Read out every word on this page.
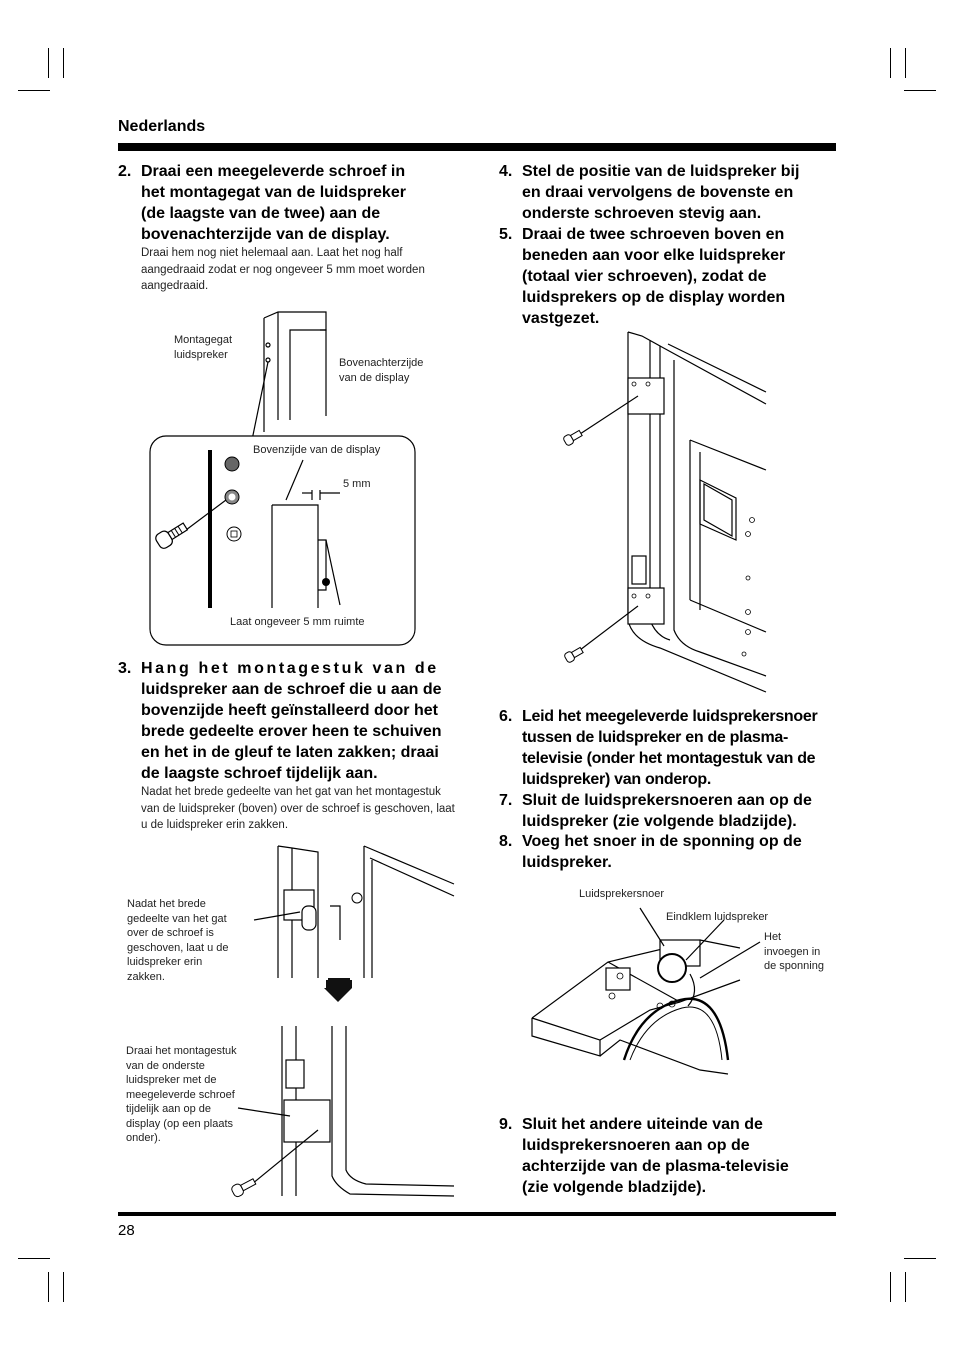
Nederlands
2. Draai een meegeleverde schroef in
het montagegat van de luidspreker
(de laagste van de twee) aan de
bovenachterzijde van de display.
Draai hem nog niet helemaal aan. Laat het nog half aangedraaid zodat er nog ongeveer 5 mm moet worden aangedraaid.
Montagegat
luidspreker
Bovenachterzijde
van de display
Bovenzijde van de display
5 mm
Laat ongeveer 5 mm ruimte
3. Hang het montagestuk van de
luidspreker aan de schroef die u aan de
bovenzijde heeft geïnstalleerd door het
brede gedeelte erover heen te schuiven
en het in de gleuf te laten zakken; draai
de laagste schroef tijdelijk aan.
Nadat het brede gedeelte van het gat van het montagestuk van de luidspreker (boven) over de schroef is geschoven, laat u de luidspreker erin zakken.
Nadat het brede
gedeelte van het gat
over de schroef is
geschoven, laat u de
luidspreker erin
zakken.
Draai het montagestuk
van de onderste
luidspreker met de
meegeleverde schroef
tijdelijk aan op de
display (op een plaats
onder).
4. Stel de positie van de luidspreker bij
en draai vervolgens de bovenste en
onderste schroeven stevig aan.
5. Draai de twee schroeven boven en
beneden aan voor elke luidspreker
(totaal vier schroeven), zodat de
luidsprekers op de display worden
vastgezet.
6. Leid het meegeleverde luidsprekersnoer
tussen de luidspreker en de plasma-
televisie (onder het montagestuk van de
luidspreker) van onderop.
7. Sluit de luidsprekersnoeren aan op de
luidspreker (zie volgende bladzijde).
8. Voeg het snoer in de sponning op de
luidspreker.
Luidsprekersnoer
Eindklem luidspreker
Het
invoegen in
de sponning
9. Sluit het andere uiteinde van de
luidsprekersnoeren aan op de
achterzijde van de plasma-televisie
(zie volgende bladzijde).
28
